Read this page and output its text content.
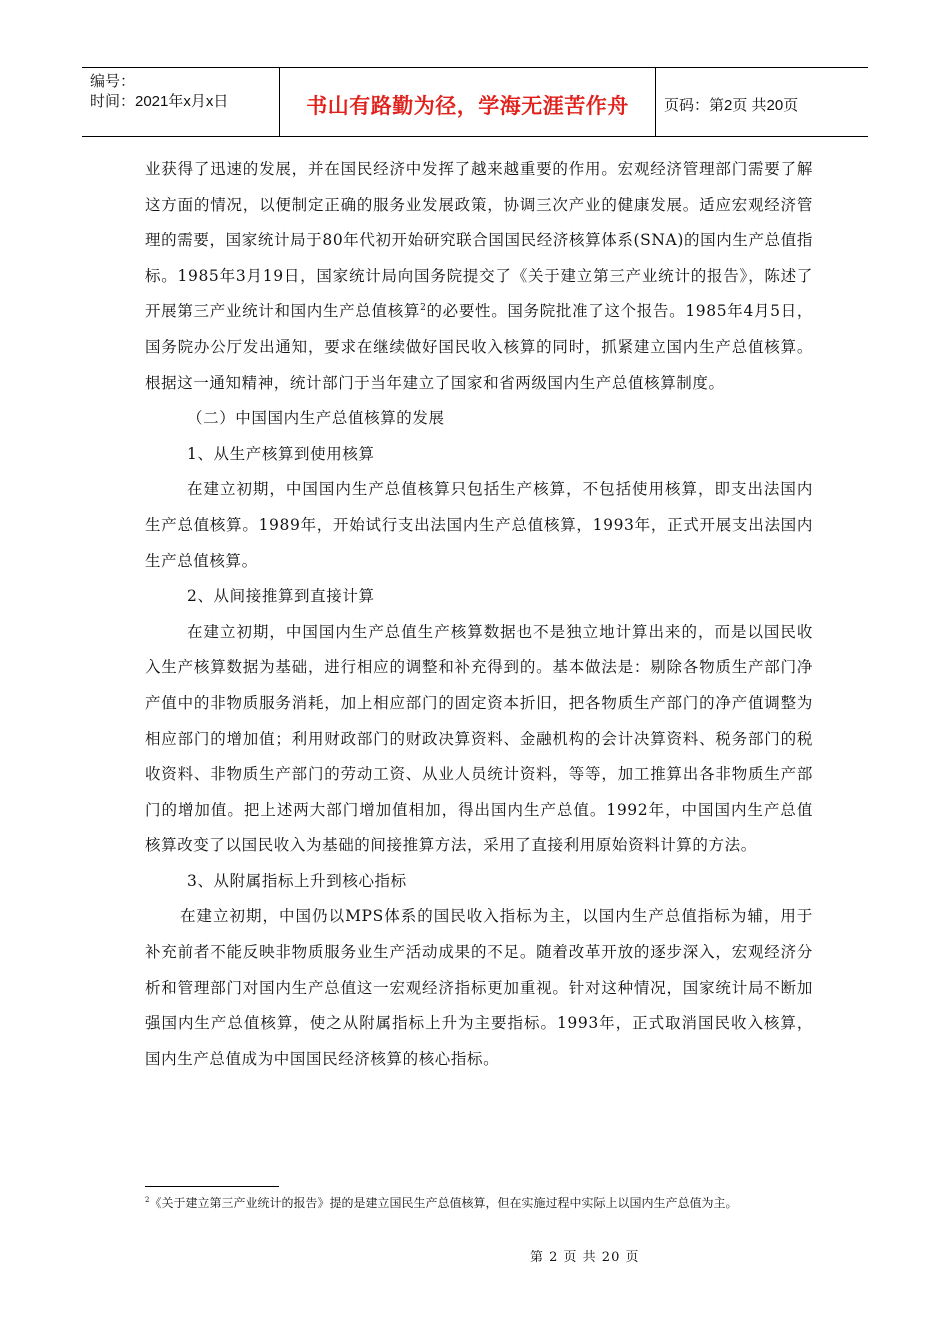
编号：
时间：2021年x月x日	书山有路勤为径，学海无涯苦作舟	页码：第2页 共20页

业获得了迅速的发展，并在国民经济中发挥了越来越重要的作用。宏观经济管理部门需要了解这方面的情况，以便制定正确的服务业发展政策，协调三次产业的健康发展。适应宏观经济管理的需要，国家统计局于80年代初开始研究联合国国民经济核算体系(SNA)的国内生产总值指标。1985年3月19日，国家统计局向国务院提交了《关于建立第三产业统计的报告》，陈述了开展第三产业统计和国内生产总值核算$^2$的必要性。国务院批准了这个报告。1985年4月5日，国务院办公厅发出通知，要求在继续做好国民收入核算的同时，抓紧建立国内生产总值核算。根据这一通知精神，统计部门于当年建立了国家和省两级国内生产总值核算制度。

（二）中国国内生产总值核算的发展

1、从生产核算到使用核算

在建立初期，中国国内生产总值核算只包括生产核算，不包括使用核算，即支出法国内生产总值核算。1989年，开始试行支出法国内生产总值核算，1993年，正式开展支出法国内生产总值核算。

2、从间接推算到直接计算

在建立初期，中国国内生产总值生产核算数据也不是独立地计算出来的，而是以国民收入生产核算数据为基础，进行相应的调整和补充得到的。基本做法是：剔除各物质生产部门净产值中的非物质服务消耗，加上相应部门的固定资本折旧，把各物质生产部门的净产值调整为相应部门的增加值；利用财政部门的财政决算资料、金融机构的会计决算资料、税务部门的税收资料、非物质生产部门的劳动工资、从业人员统计资料，等等，加工推算出各非物质生产部门的增加值。把上述两大部门增加值相加，得出国内生产总值。1992年，中国国内生产总值核算改变了以国民收入为基础的间接推算方法，采用了直接利用原始资料计算的方法。

3、从附属指标上升到核心指标

在建立初期，中国仍以MPS体系的国民收入指标为主，以国内生产总值指标为辅，用于补充前者不能反映非物质服务业生产活动成果的不足。随着改革开放的逐步深入，宏观经济分析和管理部门对国内生产总值这一宏观经济指标更加重视。针对这种情况，国家统计局不断加强国内生产总值核算，使之从附属指标上升为主要指标。1993年，正式取消国民收入核算，国内生产总值成为中国国民经济核算的核心指标。

$^2$《关于建立第三产业统计的报告》提的是建立国民生产总值核算，但在实施过程中实际上以国内生产总值为主。
第 2 页 共 20 页
